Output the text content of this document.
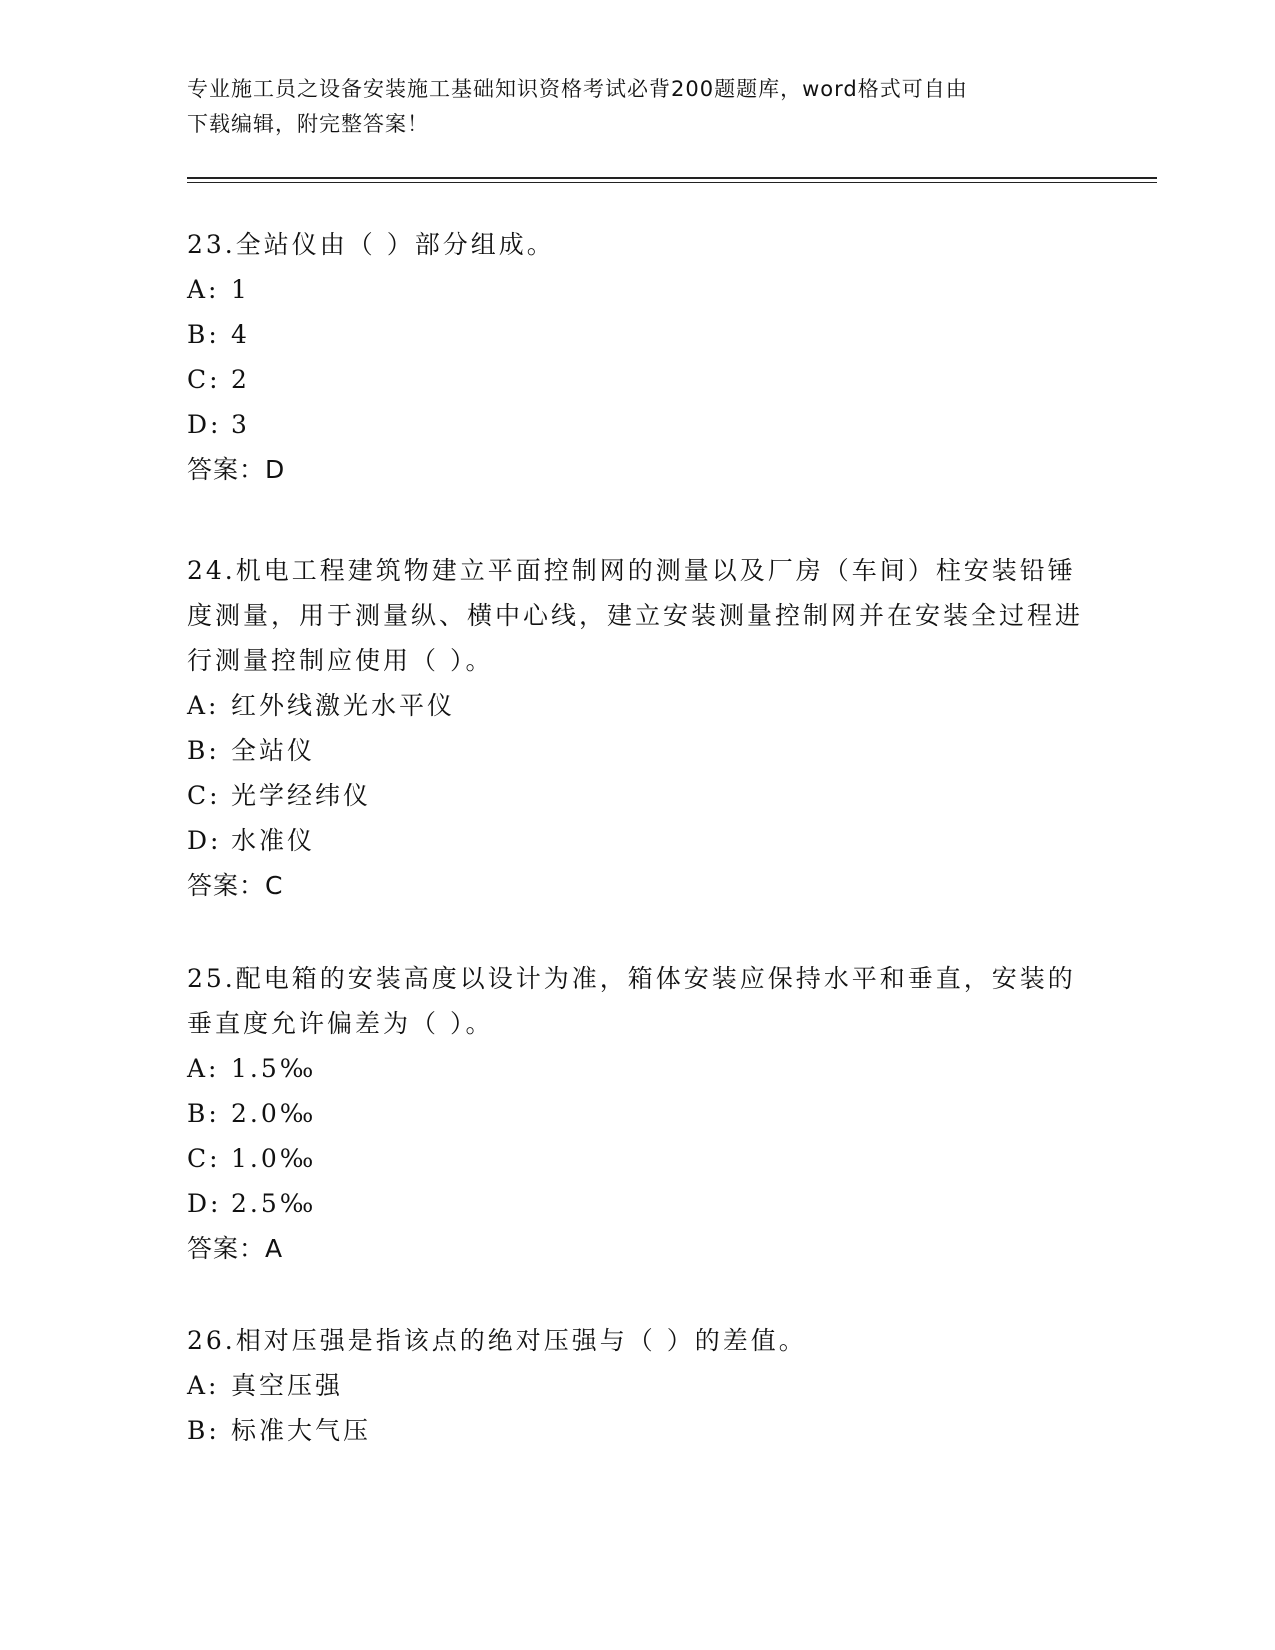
专业施工员之设备安装施工基础知识资格考试必背200题题库，word格式可自由
下载编辑，附完整答案！

23.全站仪由（ ）部分组成。

A: 1

B: 4

C: 2

D: 3

答案：D

24.机电工程建筑物建立平面控制网的测量以及厂房（车间）柱安装铅锤度测量，用于测量纵、横中心线，建立安装测量控制网并在安装全过程进行测量控制应使用（ ）。

A: 红外线激光水平仪

B: 全站仪

C: 光学经纬仪

D: 水准仪

答案：C

25.配电箱的安装高度以设计为准，箱体安装应保持水平和垂直，安装的垂直度允许偏差为（ ）。

A: 1.5‰

B: 2.0‰

C: 1.0‰

D: 2.5‰

答案：A

26.相对压强是指该点的绝对压强与（ ）的差值。

A: 真空压强

B: 标准大气压
